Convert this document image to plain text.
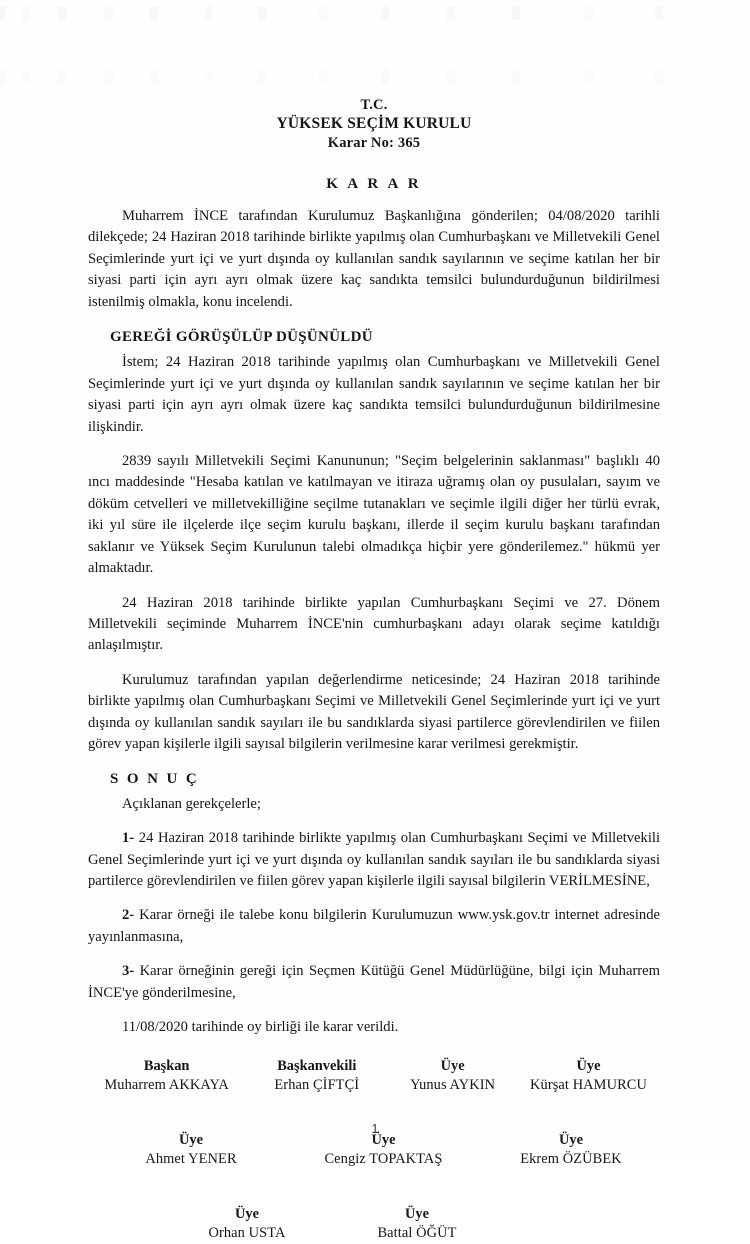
T.C.
YÜKSEK SEÇİM KURULU
Karar No: 365
K A R A R

Muharrem İNCE tarafından Kurulumuz Başkanlığına gönderilen; 04/08/2020 tarihli dilekçede; 24 Haziran 2018 tarihinde birlikte yapılmış olan Cumhurbaşkanı ve Milletvekili Genel Seçimlerinde yurt içi ve yurt dışında oy kullanılan sandık sayılarının ve seçime katılan her bir siyasi parti için ayrı ayrı olmak üzere kaç sandıkta temsilci bulundurduğunun bildirilmesi istenilmiş olmakla, konu incelendi.

GEREĞİ GÖRÜŞÜLÜP DÜŞÜNÜLDÜ

İstem; 24 Haziran 2018 tarihinde yapılmış olan Cumhurbaşkanı ve Milletvekili Genel Seçimlerinde yurt içi ve yurt dışında oy kullanılan sandık sayılarının ve seçime katılan her bir siyasi parti için ayrı ayrı olmak üzere kaç sandıkta temsilci bulundurduğunun bildirilmesine ilişkindir.

2839 sayılı Milletvekili Seçimi Kanununun; "Seçim belgelerinin saklanması" başlıklı 40 ıncı maddesinde "Hesaba katılan ve katılmayan ve itiraza uğramış olan oy pusulaları, sayım ve döküm cetvelleri ve milletvekilliğine seçilme tutanakları ve seçimle ilgili diğer her türlü evrak, iki yıl süre ile ilçelerde ilçe seçim kurulu başkanı, illerde il seçim kurulu başkanı tarafından saklanır ve Yüksek Seçim Kurulunun talebi olmadıkça hiçbir yere gönderilemez." hükmü yer almaktadır.

24 Haziran 2018 tarihinde birlikte yapılan Cumhurbaşkanı Seçimi ve 27. Dönem Milletvekili seçiminde Muharrem İNCE'nin cumhurbaşkanı adayı olarak seçime katıldığı anlaşılmıştır.

Kurulumuz tarafından yapılan değerlendirme neticesinde; 24 Haziran 2018 tarihinde birlikte yapılmış olan Cumhurbaşkanı Seçimi ve Milletvekili Genel Seçimlerinde yurt içi ve yurt dışında oy kullanılan sandık sayıları ile bu sandıklarda siyasi partilerce görevlendirilen ve fiilen görev yapan kişilerle ilgili sayısal bilgilerin verilmesine karar verilmesi gerekmiştir.

S O N U Ç

Açıklanan gerekçelerle;

1- 24 Haziran 2018 tarihinde birlikte yapılmış olan Cumhurbaşkanı Seçimi ve Milletvekili Genel Seçimlerinde yurt içi ve yurt dışında oy kullanılan sandık sayıları ile bu sandıklarda siyasi partilerce görevlendirilen ve fiilen görev yapan kişilerle ilgili sayısal bilgilerin VERİLMESİNE,

2- Karar örneği ile talebe konu bilgilerin Kurulumuzun www.ysk.gov.tr internet adresinde yayınlanmasına,

3- Karar örneğinin gereği için Seçmen Kütüğü Genel Müdürlüğüne, bilgi için Muharrem İNCE'ye gönderilmesine,

11/08/2020 tarihinde oy birliği ile karar verildi.

Başkan
Muharrem AKKAYA
Başkanvekili
Erhan ÇİFTÇİ
Üye
Yunus AYKIN
Üye
Kürşat HAMURCU
Üye
Ahmet YENER
Üye
Cengiz TOPAKTAŞ
Üye
Ekrem ÖZÜBEK
Üye
Orhan USTA
Üye
Battal ÖĞÜT
1
